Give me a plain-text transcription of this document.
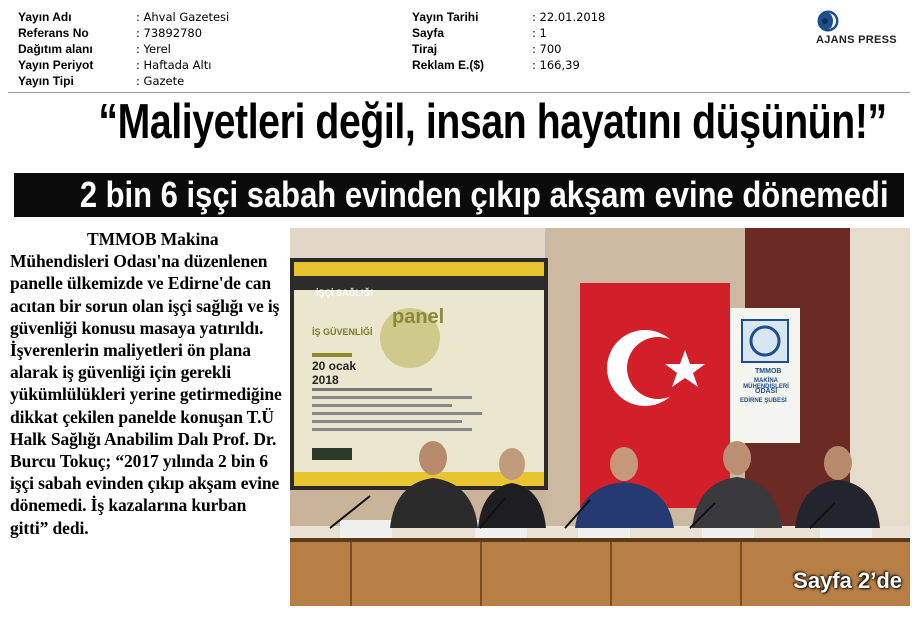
Yayın Adı	: Ahval Gazetesi
Referans No	: 73892780
Dağıtım alanı	: Yerel
Yayın Periyot	: Haftada Altı
Yayın Tipi	: Gazete
Yayın Tarihi	: 22.01.2018
Sayfa	: 1
Tiraj	: 700
Reklam E.($)	: 166,39
AJANS PRESS
“Maliyetleri değil, insan hayatını düşünün!”
2 bin 6 işçi sabah evinden çıkıp akşam evine dönemedi

TMMOB Makina

Mühendisleri Odası'na düzenlenen panelle ülkemizde ve Edirne'de can acıtan bir sorun olan işçi sağlığı ve iş güvenliği konusu masaya yatırıldı. İşverenlerin maliyetleri ön plana alarak iş güvenliği için gerekli yükümlülükleri yerine getirmediğine dikkat çekilen panelde konuşan T.Ü Halk Sağlığı Anabilim Dalı Prof. Dr. Burcu Tokuç; “2017 yılında 2 bin 6 işçi sabah evinden çıkıp akşam evine dönemedi. İş kazalarına kurban gitti” dedi.

İŞÇİ SAĞLIĞI
İŞ GÜVENLİĞİ
panel
20 ocak
2018
TMMOB
MAKİNA MÜHENDİSLERİ
ODASI
EDİRNE ŞUBESİ
Sayfa 2’de
